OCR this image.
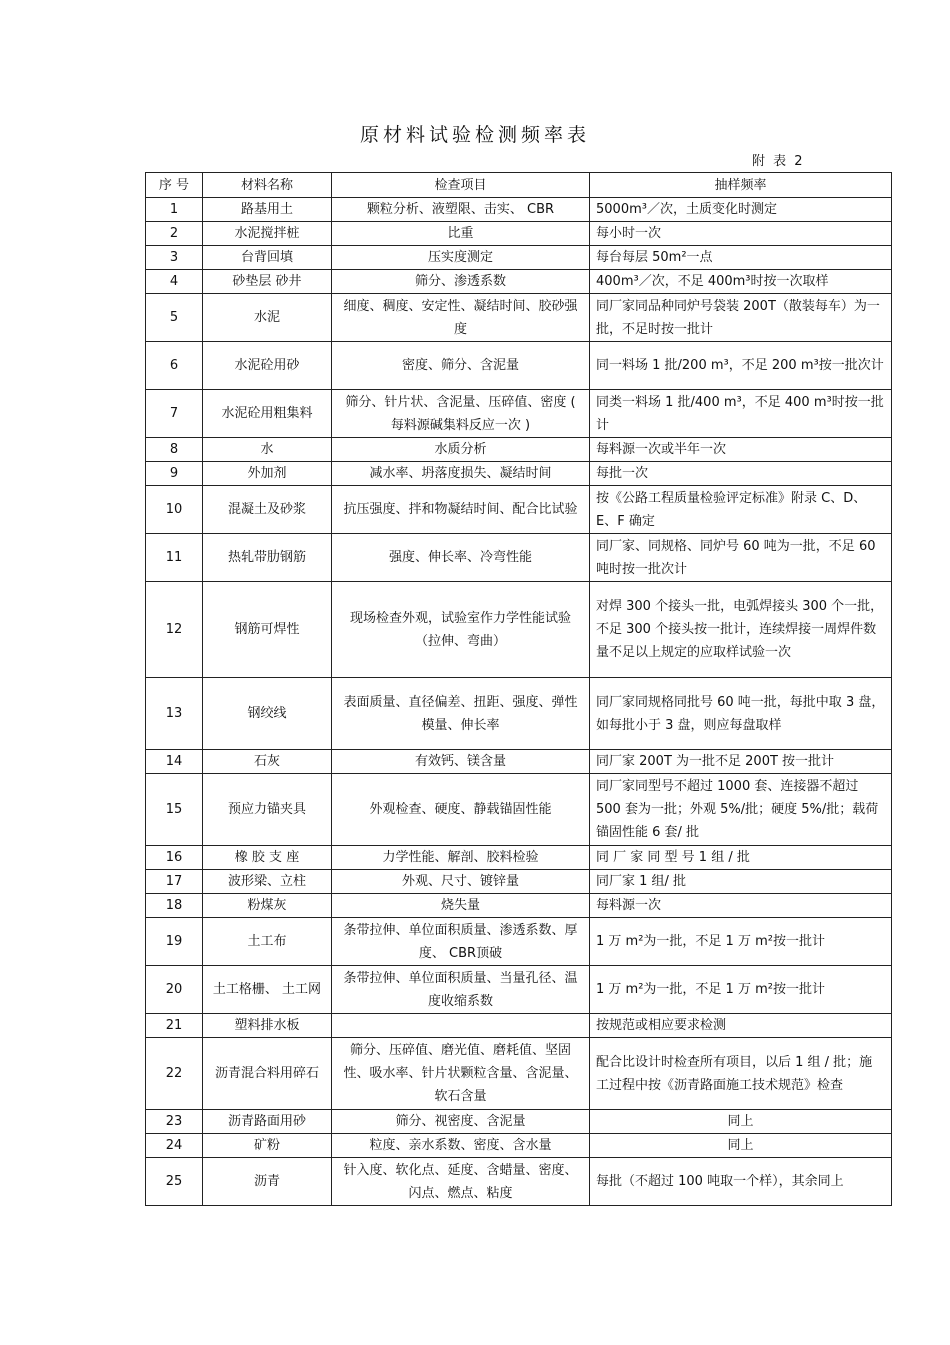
原材料试验检测频率表
附 表 2
序 号	材料名称	检查项目	抽样频率
1	路基用土	颗粒分析、液塑限、击实、 CBR	5000m³／次，土质变化时测定
2	水泥搅拌桩	比重	每小时一次
3	台背回填	压实度测定	每台每层 50m²一点
4	砂垫层 砂井	筛分、渗透系数	400m³／次，不足 400m³时按一次取样
5	水泥	细度、稠度、安定性、凝结时间、胶砂强度	同厂家同品种同炉号袋装 200T（散装每车）为一批，不足时按一批计
6	水泥砼用砂	密度、筛分、含泥量	同一料场 1 批/200 m³，不足 200 m³按一批次计
7	水泥砼用粗集料	筛分、针片状、含泥量、压碎值、密度 ( 每料源碱集料反应一次 )	同类一料场 1 批/400 m³，不足 400 m³时按一批计
8	水	水质分析	每料源一次或半年一次
9	外加剂	减水率、坍落度损失、凝结时间	每批一次
10	混凝土及砂浆	抗压强度、拌和物凝结时间、配合比试验	按《公路工程质量检验评定标准》附录 C、D、E、F 确定
11	热轧带肋钢筋	强度、伸长率、冷弯性能	同厂家、同规格、同炉号 60 吨为一批，不足 60 吨时按一批次计
12	钢筋可焊性	现场检查外观，试验室作力学性能试验（拉伸、弯曲）	对焊 300 个接头一批，电弧焊接头 300 个一批，不足 300 个接头按一批计，连续焊接一周焊件数量不足以上规定的应取样试验一次
13	钢绞线	表面质量、直径偏差、扭距、强度、弹性模量、伸长率	同厂家同规格同批号 60 吨一批，每批中取 3 盘，如每批小于 3 盘，则应每盘取样
14	石灰	有效钙、镁含量	同厂家 200T 为一批不足 200T 按一批计
15	预应力锚夹具	外观检查、硬度、静载锚固性能	同厂家同型号不超过 1000 套、连接器不超过 500 套为一批；外观 5%/批；硬度 5%/批；载荷锚固性能 6 套/ 批
16	橡 胶 支 座	力学性能、解剖、胶料检验	同 厂 家 同 型 号 1 组 / 批
17	波形梁、立柱	外观、尺寸、镀锌量	同厂家 1 组/ 批
18	粉煤灰	烧失量	每料源一次
19	土工布	条带拉伸、单位面积质量、渗透系数、厚度、 CBR顶破	1 万 m²为一批，不足 1 万 m²按一批计
20	土工格栅、 土工网	条带拉伸、单位面积质量、当量孔径、温度收缩系数	1 万 m²为一批，不足 1 万 m²按一批计
21	塑料排水板		按规范或相应要求检测
22	沥青混合料用碎石	筛分、压碎值、磨光值、磨耗值、坚固性、吸水率、针片状颗粒含量、含泥量、软石含量	配合比设计时检查所有项目，以后 1 组 / 批；施工过程中按《沥青路面施工技术规范》检查
23	沥青路面用砂	筛分、视密度、含泥量	同上
24	矿粉	粒度、亲水系数、密度、含水量	同上
25	沥青	针入度、软化点、延度、含蜡量、密度、闪点、燃点、粘度	每批（不超过 100 吨取一个样），其余同上
